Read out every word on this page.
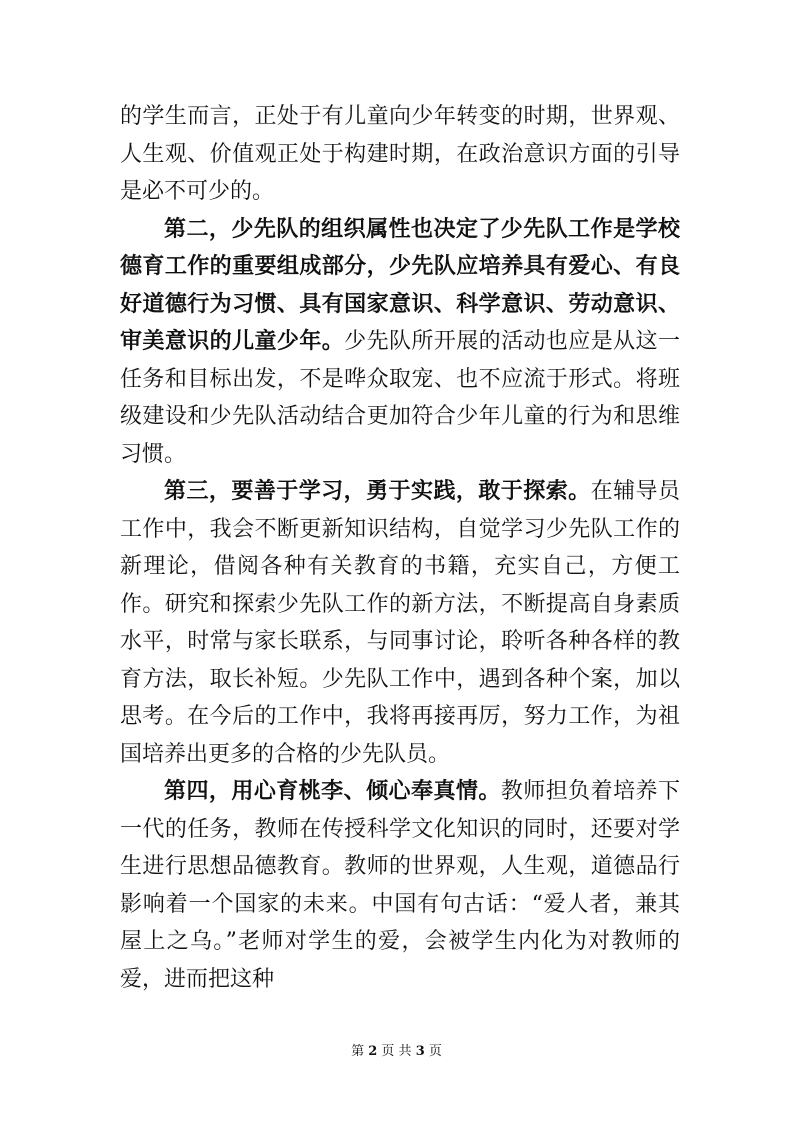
的学生而言，正处于有儿童向少年转变的时期，世界观、人生观、价值观正处于构建时期，在政治意识方面的引导是必不可少的。

第二，少先队的组织属性也决定了少先队工作是学校德育工作的重要组成部分，少先队应培养具有爱心、有良好道德行为习惯、具有国家意识、科学意识、劳动意识、审美意识的儿童少年。少先队所开展的活动也应是从这一任务和目标出发，不是哗众取宠、也不应流于形式。将班级建设和少先队活动结合更加符合少年儿童的行为和思维习惯。

第三，要善于学习，勇于实践，敢于探索。在辅导员工作中，我会不断更新知识结构，自觉学习少先队工作的新理论，借阅各种有关教育的书籍，充实自己，方便工作。研究和探索少先队工作的新方法，不断提高自身素质水平，时常与家长联系，与同事讨论，聆听各种各样的教育方法，取长补短。少先队工作中，遇到各种个案，加以思考。在今后的工作中，我将再接再厉，努力工作，为祖国培养出更多的合格的少先队员。

第四，用心育桃李、倾心奉真情。教师担负着培养下一代的任务，教师在传授科学文化知识的同时，还要对学生进行思想品德教育。教师的世界观，人生观，道德品行影响着一个国家的未来。中国有句古话：“爱人者，兼其屋上之乌。”老师对学生的爱，会被学生内化为对教师的爱，进而把这种

第 2 页 共 3 页
